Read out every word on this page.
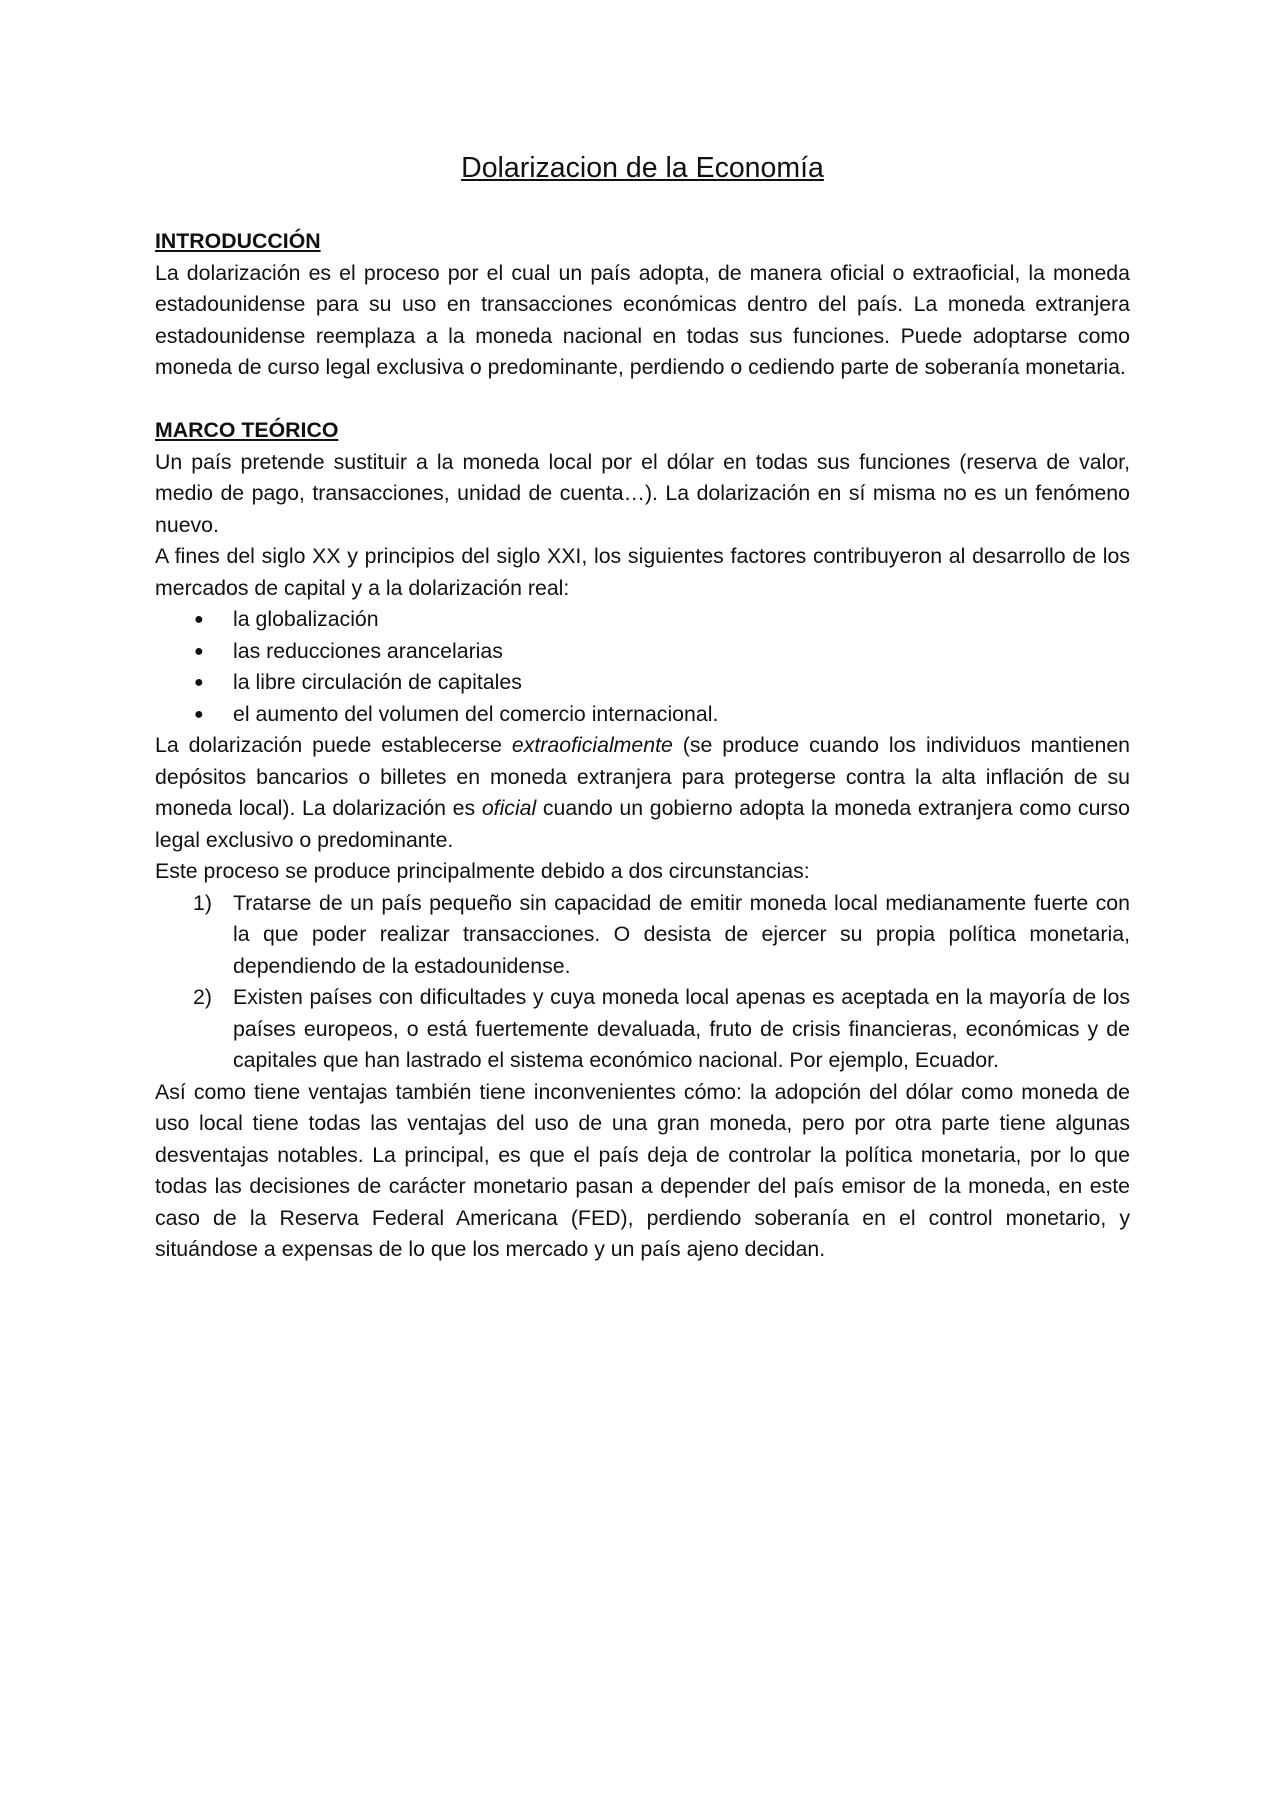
Dolarizacion de la Economía
INTRODUCCIÓN

La dolarización es el proceso por el cual un país adopta, de manera oficial o extraoficial, la moneda estadounidense para su uso en transacciones económicas dentro del país. La moneda extranjera estadounidense reemplaza a la moneda nacional en todas sus funciones. Puede adoptarse como moneda de curso legal exclusiva o predominante, perdiendo o cediendo parte de soberanía monetaria.

MARCO TEÓRICO

Un país pretende sustituir a la moneda local por el dólar en todas sus funciones (reserva de valor, medio de pago, transacciones, unidad de cuenta…). La dolarización en sí misma no es un fenómeno nuevo.

A fines del siglo XX y principios del siglo XXI, los siguientes factores contribuyeron al desarrollo de los mercados de capital y a la dolarización real:

● la globalización
● las reducciones arancelarias
● la libre circulación de capitales
● el aumento del volumen del comercio internacional.

La dolarización puede establecerse extraoficialmente (se produce cuando los individuos mantienen depósitos bancarios o billetes en moneda extranjera para protegerse contra la alta inflación de su moneda local). La dolarización es oficial cuando un gobierno adopta la moneda extranjera como curso legal exclusivo o predominante.

Este proceso se produce principalmente debido a dos circunstancias:

1) Tratarse de un país pequeño sin capacidad de emitir moneda local medianamente fuerte con la que poder realizar transacciones. O desista de ejercer su propia política monetaria, dependiendo de la estadounidense.
2) Existen países con dificultades y cuya moneda local apenas es aceptada en la mayoría de los países europeos, o está fuertemente devaluada, fruto de crisis financieras, económicas y de capitales que han lastrado el sistema económico nacional. Por ejemplo, Ecuador.

Así como tiene ventajas también tiene inconvenientes cómo: la adopción del dólar como moneda de uso local tiene todas las ventajas del uso de una gran moneda, pero por otra parte tiene algunas desventajas notables. La principal, es que el país deja de controlar la política monetaria, por lo que todas las decisiones de carácter monetario pasan a depender del país emisor de la moneda, en este caso de la Reserva Federal Americana (FED), perdiendo soberanía en el control monetario, y situándose a expensas de lo que los mercado y un país ajeno decidan.
